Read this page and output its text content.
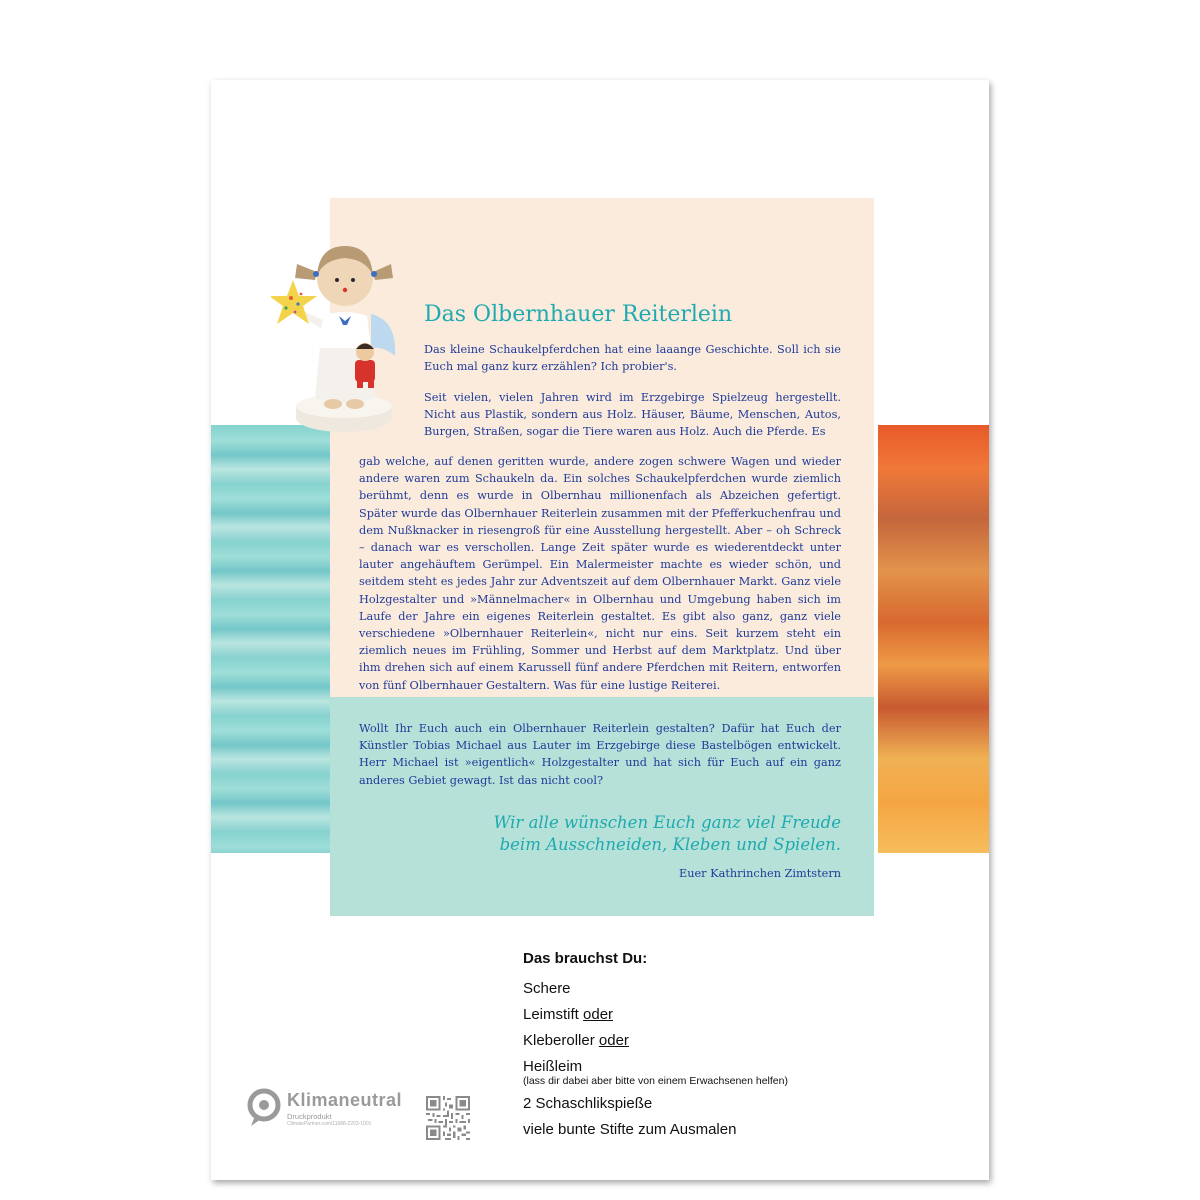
Das Olbernhauer Reiterlein

Das kleine Schaukelpferdchen hat eine laaange Geschichte. Soll ich sie Euch mal ganz kurz erzählen? Ich probier's.

Seit vielen, vielen Jahren wird im Erzgebirge Spielzeug hergestellt. Nicht aus Plastik, sondern aus Holz. Häuser, Bäume, Menschen, Autos, Burgen, Straßen, sogar die Tiere waren aus Holz. Auch die Pferde. Es

gab welche, auf denen geritten wurde, andere zogen schwere Wagen und wieder andere waren zum Schaukeln da. Ein solches Schaukelpferdchen wurde ziemlich berühmt, denn es wurde in Olbernhau millionenfach als Abzeichen gefertigt. Später wurde das Olbernhauer Reiterlein zusammen mit der Pfefferkuchenfrau und dem Nußknacker in riesengroß für eine Ausstellung hergestellt. Aber – oh Schreck – danach war es verschollen. Lange Zeit später wurde es wiederentdeckt unter lauter angehäuftem Gerümpel. Ein Malermeister machte es wieder schön, und seitdem steht es jedes Jahr zur Adventszeit auf dem Olbernhauer Markt. Ganz viele Holzgestalter und »Männelmacher« in Olbernhau und Umgebung haben sich im Laufe der Jahre ein eigenes Reiterlein gestaltet. Es gibt also ganz, ganz viele verschiedene »Olbernhauer Reiterlein«, nicht nur eins. Seit kurzem steht ein ziemlich neues im Frühling, Sommer und Herbst auf dem Marktplatz. Und über ihm drehen sich auf einem Karussell fünf andere Pferdchen mit Reitern, entworfen von fünf Olbernhauer Gestaltern. Was für eine lustige Reiterei.

Wollt Ihr Euch auch ein Olbernhauer Reiterlein gestalten? Dafür hat Euch der Künstler Tobias Michael aus Lauter im Erzgebirge diese Bastelbögen entwickelt. Herr Michael ist »eigentlich« Holzgestalter und hat sich für Euch auf ein ganz anderes Gebiet gewagt. Ist das nicht cool?

Wir alle wünschen Euch ganz viel Freude
beim Ausschneiden, Kleben und Spielen.

Euer Kathrinchen Zimtstern

Das brauchst Du:
Schere
Leimstift oder
Kleberoller oder
Heißleim
(lass dir dabei aber bitte von einem Erwachsenen helfen)
2 Schaschlikspieße
viele bunte Stifte zum Ausmalen
Klimaneutral
Druckprodukt
ClimatePartner.com/11688-2203-1001
